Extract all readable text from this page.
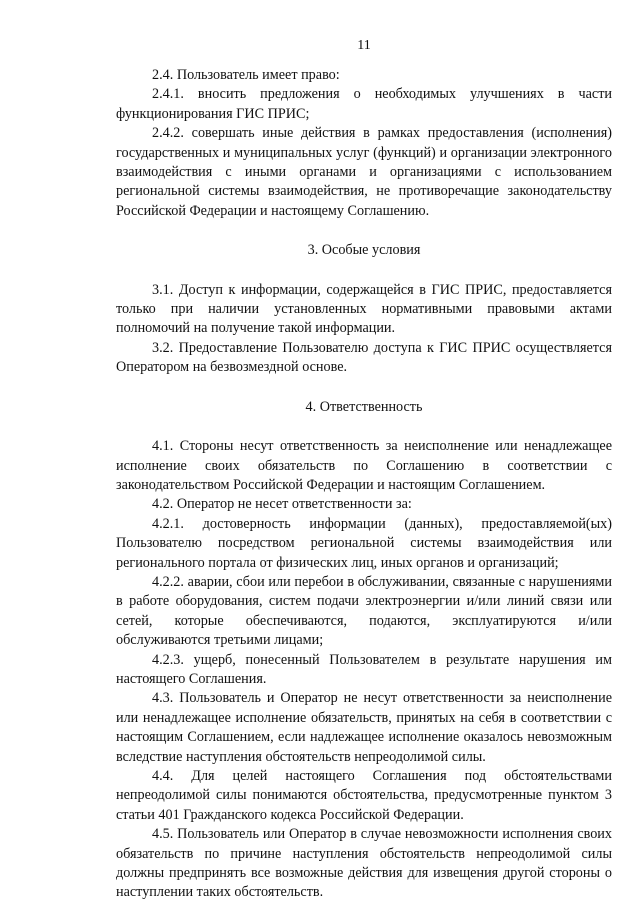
11

2.4. Пользователь имеет право:

2.4.1. вносить предложения о необходимых улучшениях в части функционирования ГИС ПРИС;

2.4.2. совершать иные действия в рамках предоставления (исполнения) государственных и муниципальных услуг (функций) и организации электронного взаимодействия с иными органами и организациями с использованием региональной системы взаимодействия, не противоречащие законодательству Российской Федерации и настоящему Соглашению.

3. Особые условия

3.1. Доступ к информации, содержащейся в ГИС ПРИС, предоставляется только при наличии установленных нормативными правовыми актами полномочий на получение такой информации.

3.2. Предоставление Пользователю доступа к ГИС ПРИС осуществляется Оператором на безвозмездной основе.

4. Ответственность

4.1. Стороны несут ответственность за неисполнение или ненадлежащее исполнение своих обязательств по Соглашению в соответствии с законодательством Российской Федерации и настоящим Соглашением.

4.2. Оператор не несет ответственности за:

4.2.1. достоверность информации (данных), предоставляемой(ых) Пользователю посредством региональной системы взаимодействия или регионального портала от физических лиц, иных органов и организаций;

4.2.2. аварии, сбои или перебои в обслуживании, связанные с нарушениями в работе оборудования, систем подачи электроэнергии и/или линий связи или сетей, которые обеспечиваются, подаются, эксплуатируются и/или обслуживаются третьими лицами;

4.2.3. ущерб, понесенный Пользователем в результате нарушения им настоящего Соглашения.

4.3. Пользователь и Оператор не несут ответственности за неисполнение или ненадлежащее исполнение обязательств, принятых на себя в соответствии с настоящим Соглашением, если надлежащее исполнение оказалось невозможным вследствие наступления обстоятельств непреодолимой силы.

4.4. Для целей настоящего Соглашения под обстоятельствами непреодолимой силы понимаются обстоятельства, предусмотренные пунктом 3 статьи 401 Гражданского кодекса Российской Федерации.

4.5. Пользователь или Оператор в случае невозможности исполнения своих обязательств по причине наступления обстоятельств непреодолимой силы должны предпринять все возможные действия для извещения другой стороны о наступлении таких обстоятельств.
